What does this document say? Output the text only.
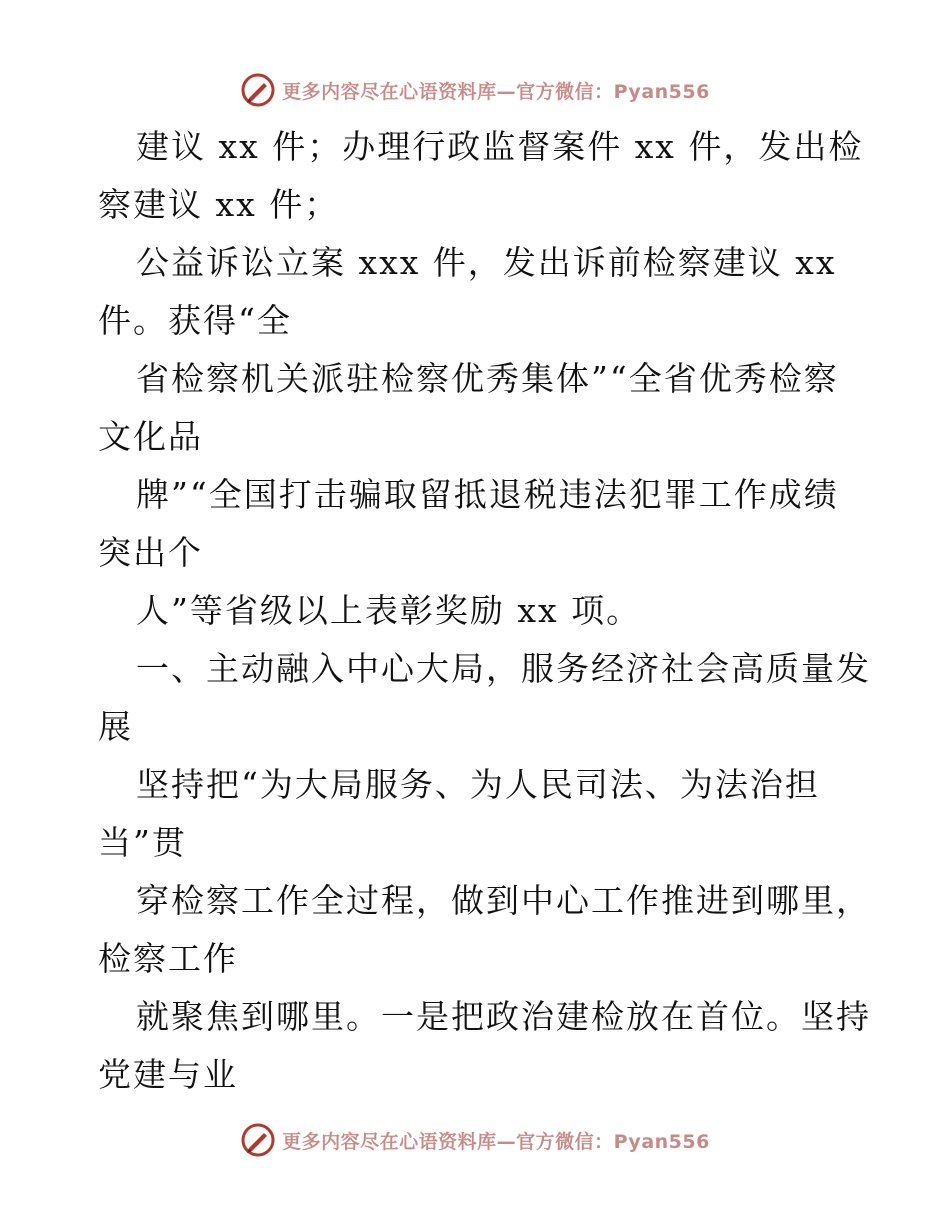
更多内容尽在心语资料库—官方微信：Pyan556
建议 xx 件；办理行政监督案件 xx 件，发出检
察建议 xx 件；
公益诉讼立案 xxx 件，发出诉前检察建议 xx
件。获得“全
省检察机关派驻检察优秀集体”“全省优秀检察
文化品
牌”“全国打击骗取留抵退税违法犯罪工作成绩
突出个
人”等省级以上表彰奖励 xx 项。
一、主动融入中心大局，服务经济社会高质量发
展
坚持把“为大局服务、为人民司法、为法治担
当”贯
穿检察工作全过程，做到中心工作推进到哪里，
检察工作
就聚焦到哪里。一是把政治建检放在首位。坚持
党建与业
更多内容尽在心语资料库—官方微信：Pyan556
